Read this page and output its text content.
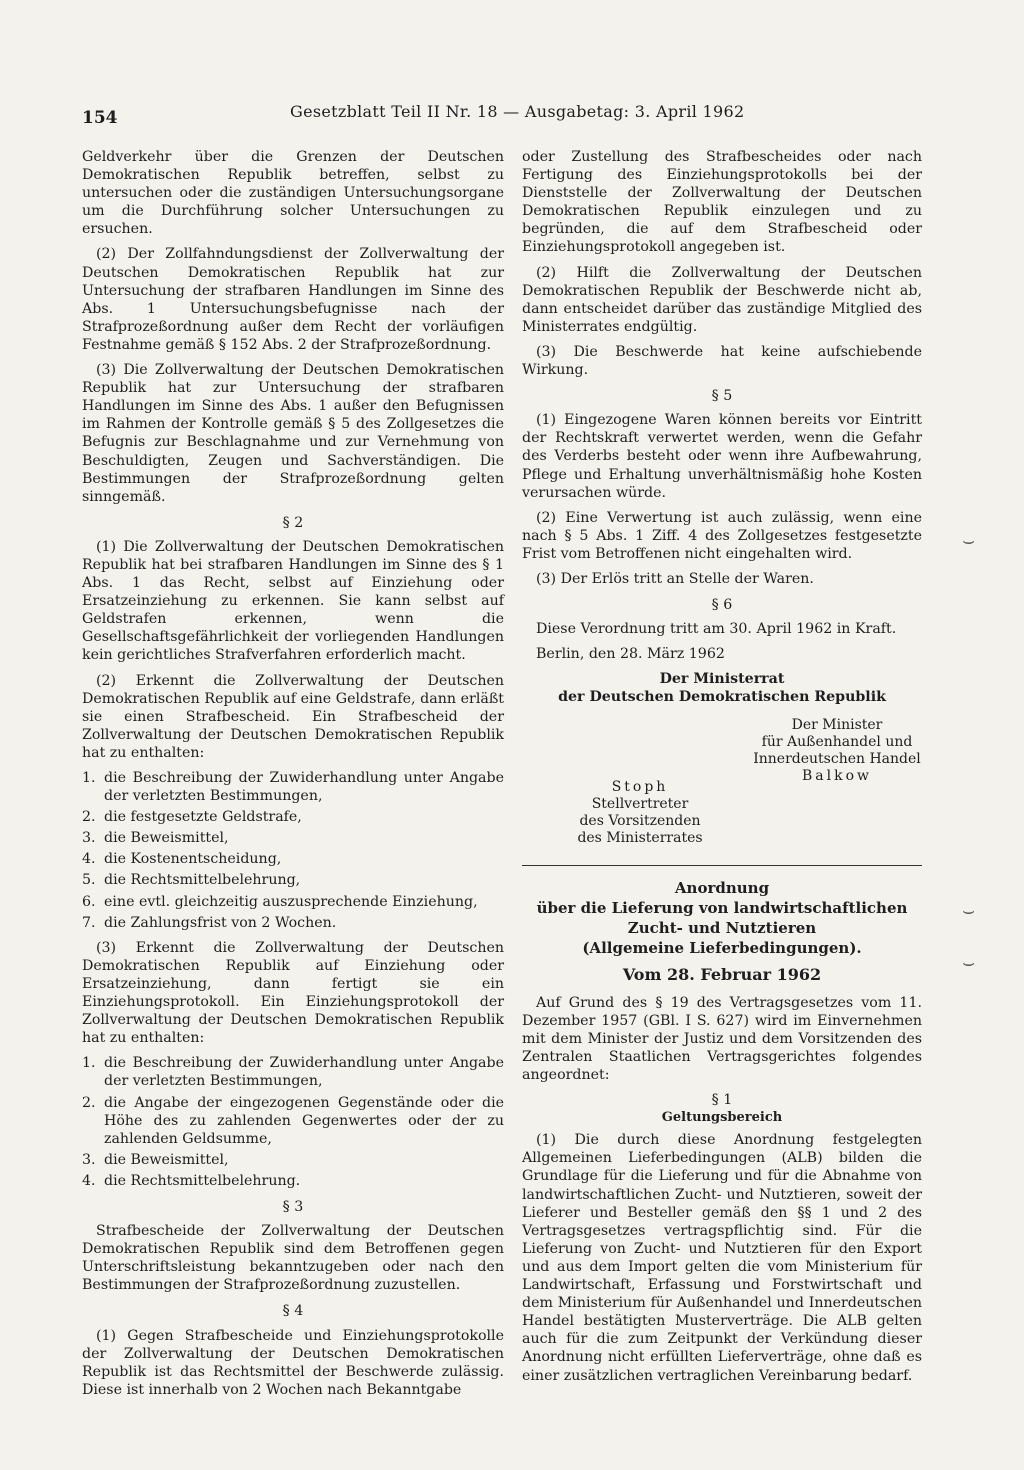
154	Gesetzblatt Teil II Nr. 18 — Ausgabetag: 3. April 1962

Geldverkehr über die Grenzen der Deutschen Demokratischen Republik betreffen, selbst zu untersuchen oder die zuständigen Untersuchungsorgane um die Durchführung solcher Untersuchungen zu ersuchen.

(2) Der Zollfahndungsdienst der Zollverwaltung der Deutschen Demokratischen Republik hat zur Untersuchung der strafbaren Handlungen im Sinne des Abs. 1 Untersuchungsbefugnisse nach der Strafprozeßordnung außer dem Recht der vorläufigen Festnahme gemäß § 152 Abs. 2 der Strafprozeßordnung.

(3) Die Zollverwaltung der Deutschen Demokratischen Republik hat zur Untersuchung der strafbaren Handlungen im Sinne des Abs. 1 außer den Befugnissen im Rahmen der Kontrolle gemäß § 5 des Zollgesetzes die Befugnis zur Beschlagnahme und zur Vernehmung von Beschuldigten, Zeugen und Sachverständigen. Die Bestimmungen der Strafprozeßordnung gelten sinngemäß.

§ 2

(1) Die Zollverwaltung der Deutschen Demokratischen Republik hat bei strafbaren Handlungen im Sinne des § 1 Abs. 1 das Recht, selbst auf Einziehung oder Ersatzeinziehung zu erkennen. Sie kann selbst auf Geldstrafen erkennen, wenn die Gesellschaftsgefährlichkeit der vorliegenden Handlungen kein gerichtliches Strafverfahren erforderlich macht.

(2) Erkennt die Zollverwaltung der Deutschen Demokratischen Republik auf eine Geldstrafe, dann erläßt sie einen Strafbescheid. Ein Strafbescheid der Zollverwaltung der Deutschen Demokratischen Republik hat zu enthalten:

1. die Beschreibung der Zuwiderhandlung unter Angabe der verletzten Bestimmungen,
2. die festgesetzte Geldstrafe,
3. die Beweismittel,
4. die Kostenentscheidung,
5. die Rechtsmittelbelehrung,
6. eine evtl. gleichzeitig auszusprechende Einziehung,
7. die Zahlungsfrist von 2 Wochen.

(3) Erkennt die Zollverwaltung der Deutschen Demokratischen Republik auf Einziehung oder Ersatzeinziehung, dann fertigt sie ein Einziehungsprotokoll. Ein Einziehungsprotokoll der Zollverwaltung der Deutschen Demokratischen Republik hat zu enthalten:

1. die Beschreibung der Zuwiderhandlung unter Angabe der verletzten Bestimmungen,
2. die Angabe der eingezogenen Gegenstände oder die Höhe des zu zahlenden Gegenwertes oder der zu zahlenden Geldsumme,
3. die Beweismittel,
4. die Rechtsmittelbelehrung.
§ 3

Strafbescheide der Zollverwaltung der Deutschen Demokratischen Republik sind dem Betroffenen gegen Unterschriftsleistung bekanntzugeben oder nach den Bestimmungen der Strafprozeßordnung zuzustellen.

§ 4

(1) Gegen Strafbescheide und Einziehungsprotokolle der Zollverwaltung der Deutschen Demokratischen Republik ist das Rechtsmittel der Beschwerde zulässig. Diese ist innerhalb von 2 Wochen nach Bekanntgabe

oder Zustellung des Strafbescheides oder nach Fertigung des Einziehungsprotokolls bei der Dienststelle der Zollverwaltung der Deutschen Demokratischen Republik einzulegen und zu begründen, die auf dem Strafbescheid oder Einziehungsprotokoll angegeben ist.

(2) Hilft die Zollverwaltung der Deutschen Demokratischen Republik der Beschwerde nicht ab, dann entscheidet darüber das zuständige Mitglied des Ministerrates endgültig.

(3) Die Beschwerde hat keine aufschiebende Wirkung.

§ 5

(1) Eingezogene Waren können bereits vor Eintritt der Rechtskraft verwertet werden, wenn die Gefahr des Verderbs besteht oder wenn ihre Aufbewahrung, Pflege und Erhaltung unverhältnismäßig hohe Kosten verursachen würde.

(2) Eine Verwertung ist auch zulässig, wenn eine nach § 5 Abs. 1 Ziff. 4 des Zollgesetzes festgesetzte Frist vom Betroffenen nicht eingehalten wird.

(3) Der Erlös tritt an Stelle der Waren.

§ 6

Diese Verordnung tritt am 30. April 1962 in Kraft.

Berlin, den 28. März 1962

Der Ministerrat
der Deutschen Demokratischen Republik
Stoph
Stellvertreter
des Vorsitzenden
des Ministerrates
Der Minister
für Außenhandel und
Innerdeutschen Handel
Balkow
Anordnung
über die Lieferung von landwirtschaftlichen
Zucht- und Nutztieren
(Allgemeine Lieferbedingungen).
Vom 28. Februar 1962

Auf Grund des § 19 des Vertragsgesetzes vom 11. Dezember 1957 (GBl. I S. 627) wird im Einvernehmen mit dem Minister der Justiz und dem Vorsitzenden des Zentralen Staatlichen Vertragsgerichtes folgendes angeordnet:

§ 1
Geltungsbereich

(1) Die durch diese Anordnung festgelegten Allgemeinen Lieferbedingungen (ALB) bilden die Grundlage für die Lieferung und für die Abnahme von landwirtschaftlichen Zucht- und Nutztieren, soweit der Lieferer und Besteller gemäß den §§ 1 und 2 des Vertragsgesetzes vertragspflichtig sind. Für die Lieferung von Zucht- und Nutztieren für den Export und aus dem Import gelten die vom Ministerium für Landwirtschaft, Erfassung und Forstwirtschaft und dem Ministerium für Außenhandel und Innerdeutschen Handel bestätigten Musterverträge. Die ALB gelten auch für die zum Zeitpunkt der Verkündung dieser Anordnung nicht erfüllten Lieferverträge, ohne daß es einer zusätzlichen vertraglichen Vereinbarung bedarf.

⌣
⌣
⌣
